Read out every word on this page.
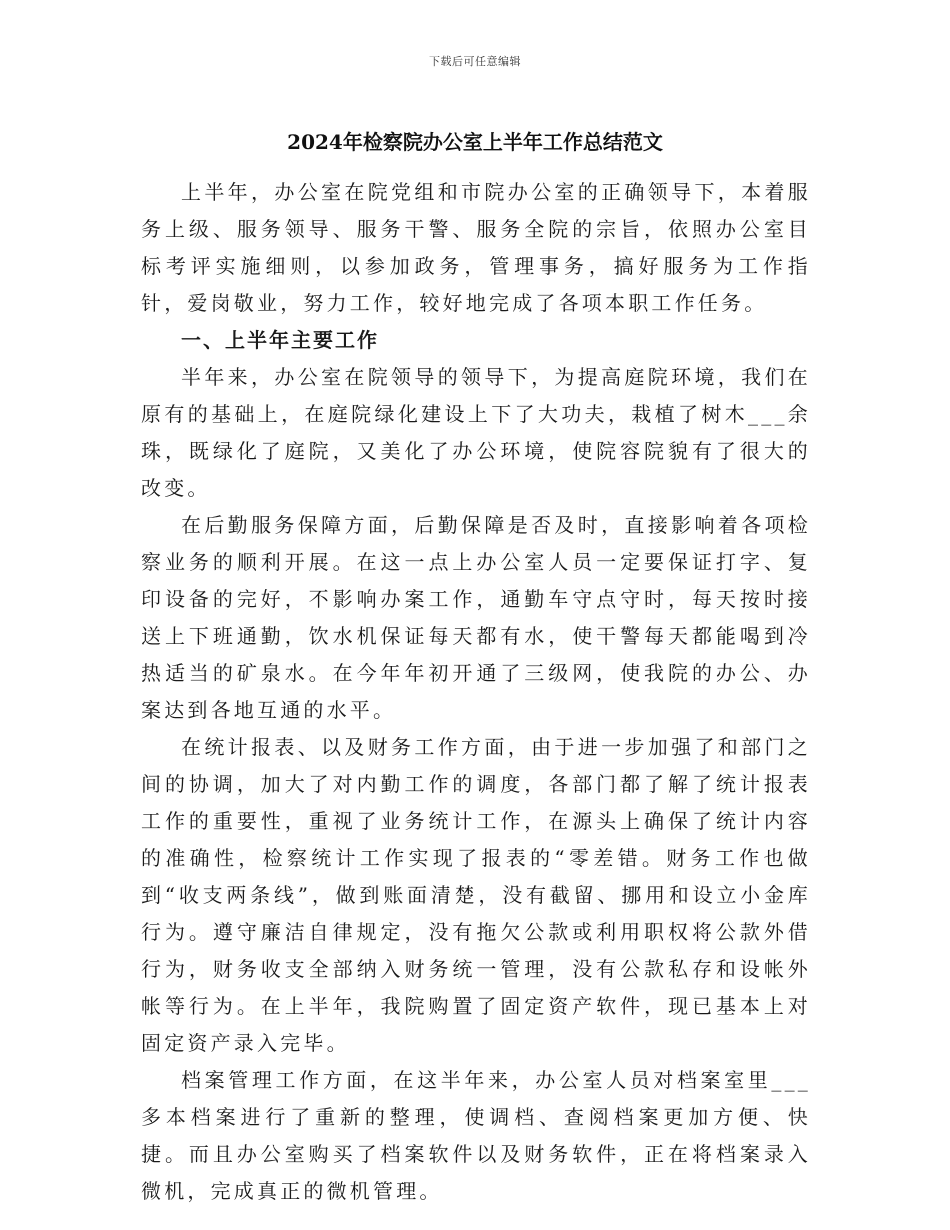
下载后可任意编辑
2024年检察院办公室上半年工作总结范文

上半年，办公室在院党组和市院办公室的正确领导下，本着服务上级、服务领导、服务干警、服务全院的宗旨，依照办公室目标考评实施细则，以参加政务，管理事务，搞好服务为工作指针，爱岗敬业，努力工作，较好地完成了各项本职工作任务。

一、上半年主要工作

半年来，办公室在院领导的领导下，为提高庭院环境，我们在原有的基础上，在庭院绿化建设上下了大功夫，栽植了树木___余珠，既绿化了庭院，又美化了办公环境，使院容院貌有了很大的改变。

在后勤服务保障方面，后勤保障是否及时，直接影响着各项检察业务的顺利开展。在这一点上办公室人员一定要保证打字、复印设备的完好，不影响办案工作，通勤车守点守时，每天按时接送上下班通勤，饮水机保证每天都有水，使干警每天都能喝到冷热适当的矿泉水。在今年年初开通了三级网，使我院的办公、办案达到各地互通的水平。

在统计报表、以及财务工作方面，由于进一步加强了和部门之间的协调，加大了对内勤工作的调度，各部门都了解了统计报表工作的重要性，重视了业务统计工作，在源头上确保了统计内容的准确性，检察统计工作实现了报表的“零差错。财务工作也做到“收支两条线”，做到账面清楚，没有截留、挪用和设立小金库行为。遵守廉洁自律规定，没有拖欠公款或利用职权将公款外借行为，财务收支全部纳入财务统一管理，没有公款私存和设帐外帐等行为。在上半年，我院购置了固定资产软件，现已基本上对固定资产录入完毕。

档案管理工作方面，在这半年来，办公室人员对档案室里___多本档案进行了重新的整理，使调档、查阅档案更加方便、快捷。而且办公室购买了档案软件以及财务软件，正在将档案录入微机，完成真正的微机管理。
